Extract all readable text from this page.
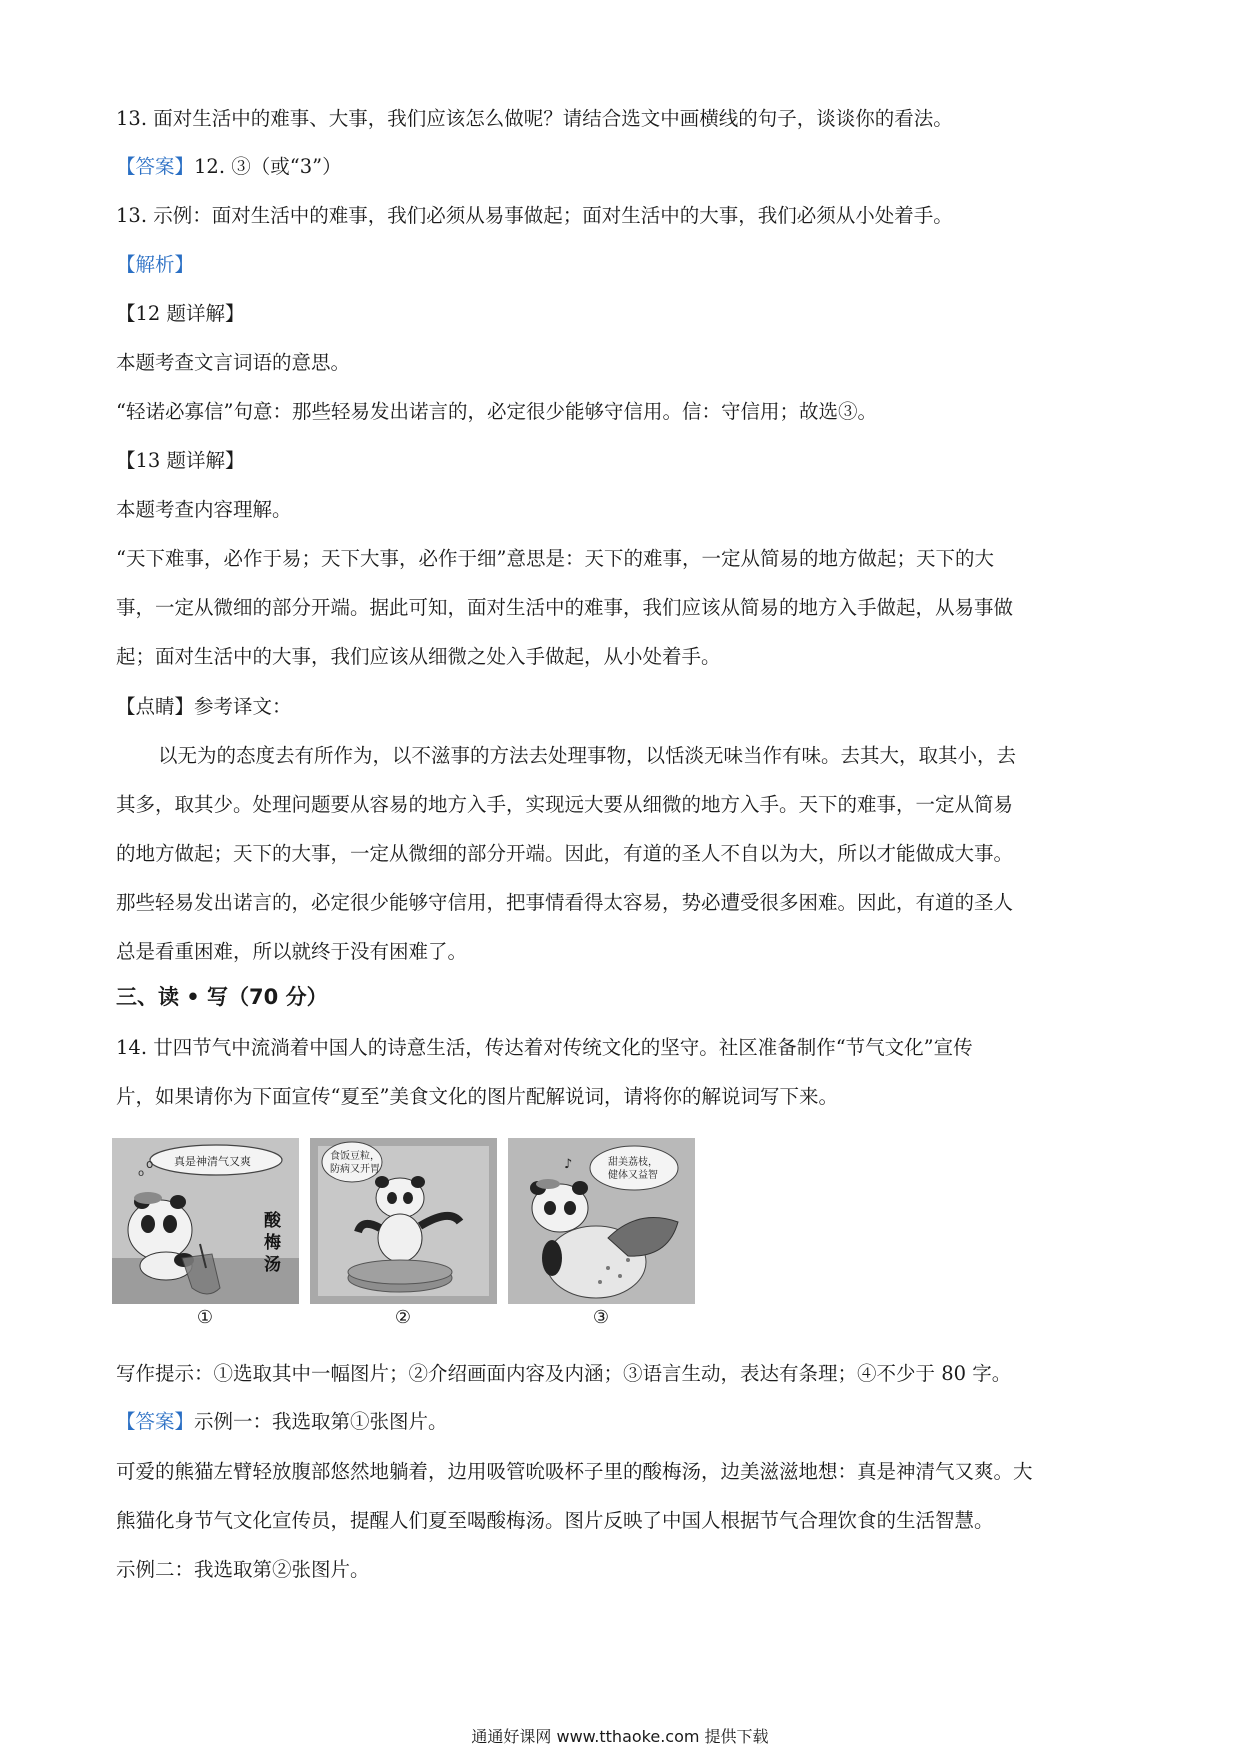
13. 面对生活中的难事、大事，我们应该怎么做呢？请结合选文中画横线的句子，谈谈你的看法。
【答案】12. ③（或“3”）
13. 示例：面对生活中的难事，我们必须从易事做起；面对生活中的大事，我们必须从小处着手。
【解析】
【12 题详解】
本题考查文言词语的意思。
“轻诺必寡信”句意：那些轻易发出诺言的，必定很少能够守信用。信：守信用；故选③。
【13 题详解】
本题考查内容理解。
“天下难事，必作于易；天下大事，必作于细”意思是：天下的难事，一定从简易的地方做起；天下的大
事，一定从微细的部分开端。据此可知，面对生活中的难事，我们应该从简易的地方入手做起，从易事做
起；面对生活中的大事，我们应该从细微之处入手做起，从小处着手。
【点睛】参考译文：
以无为的态度去有所作为，以不滋事的方法去处理事物，以恬淡无味当作有味。去其大，取其小，去
其多，取其少。处理问题要从容易的地方入手，实现远大要从细微的地方入手。天下的难事，一定从简易
的地方做起；天下的大事，一定从微细的部分开端。因此，有道的圣人不自以为大，所以才能做成大事。
那些轻易发出诺言的，必定很少能够守信用，把事情看得太容易，势必遭受很多困难。因此，有道的圣人
总是看重困难，所以就终于没有困难了。
三、读 • 写（70 分）
14. 廿四节气中流淌着中国人的诗意生活，传达着对传统文化的坚守。社区准备制作“节气文化”宣传
片，如果请你为下面宣传“夏至”美食文化的图片配解说词，请将你的解说词写下来。
真是神清气又爽
o
o
酸梅汤
食饭豆粒，
防病又开胃
甜美荔枝，
健体又益智
♪
①	②	③
写作提示：①选取其中一幅图片；②介绍画面内容及内涵；③语言生动，表达有条理；④不少于 80 字。
【答案】示例一：我选取第①张图片。
可爱的熊猫左臂轻放腹部悠然地躺着，边用吸管吮吸杯子里的酸梅汤，边美滋滋地想：真是神清气又爽。大
熊猫化身节气文化宣传员，提醒人们夏至喝酸梅汤。图片反映了中国人根据节气合理饮食的生活智慧。
示例二：我选取第②张图片。
通通好课网 www.tthaoke.com 提供下载
